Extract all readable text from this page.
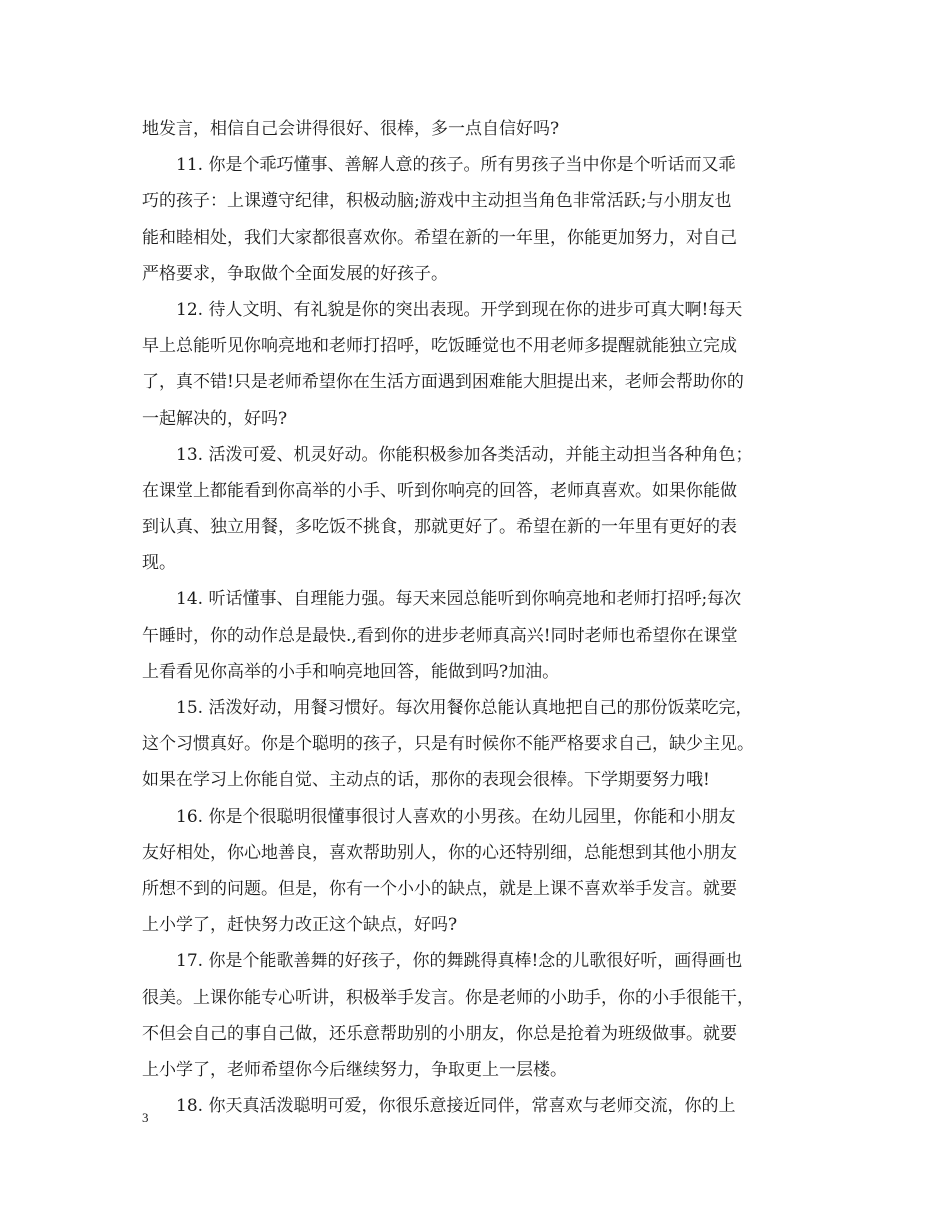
地发言，相信自己会讲得很好、很棒，多一点自信好吗?
11. 你是个乖巧懂事、善解人意的孩子。所有男孩子当中你是个听话而又乖
巧的孩子：上课遵守纪律，积极动脑;游戏中主动担当角色非常活跃;与小朋友也
能和睦相处，我们大家都很喜欢你。希望在新的一年里，你能更加努力，对自己
严格要求，争取做个全面发展的好孩子。
12. 待人文明、有礼貌是你的突出表现。开学到现在你的进步可真大啊!每天
早上总能听见你响亮地和老师打招呼，吃饭睡觉也不用老师多提醒就能独立完成
了，真不错!只是老师希望你在生活方面遇到困难能大胆提出来，老师会帮助你的
一起解决的，好吗?
13. 活泼可爱、机灵好动。你能积极参加各类活动，并能主动担当各种角色；
在课堂上都能看到你高举的小手、听到你响亮的回答，老师真喜欢。如果你能做
到认真、独立用餐，多吃饭不挑食，那就更好了。希望在新的一年里有更好的表
现。
14. 听话懂事、自理能力强。每天来园总能听到你响亮地和老师打招呼;每次
午睡时，你的动作总是最快.,看到你的进步老师真高兴!同时老师也希望你在课堂
上看看见你高举的小手和响亮地回答，能做到吗?加油。
15. 活泼好动，用餐习惯好。每次用餐你总能认真地把自己的那份饭菜吃完，
这个习惯真好。你是个聪明的孩子，只是有时候你不能严格要求自己，缺少主见。
如果在学习上你能自觉、主动点的话，那你的表现会很棒。下学期要努力哦!
16. 你是个很聪明很懂事很讨人喜欢的小男孩。在幼儿园里，你能和小朋友
友好相处，你心地善良，喜欢帮助别人，你的心还特别细，总能想到其他小朋友
所想不到的问题。但是，你有一个小小的缺点，就是上课不喜欢举手发言。就要
上小学了，赶快努力改正这个缺点，好吗?
17. 你是个能歌善舞的好孩子，你的舞跳得真棒!念的儿歌很好听，画得画也
很美。上课你能专心听讲，积极举手发言。你是老师的小助手，你的小手很能干，
不但会自己的事自己做，还乐意帮助别的小朋友，你总是抢着为班级做事。就要
上小学了，老师希望你今后继续努力，争取更上一层楼。
18. 你天真活泼聪明可爱，你很乐意接近同伴，常喜欢与老师交流，你的上
3
